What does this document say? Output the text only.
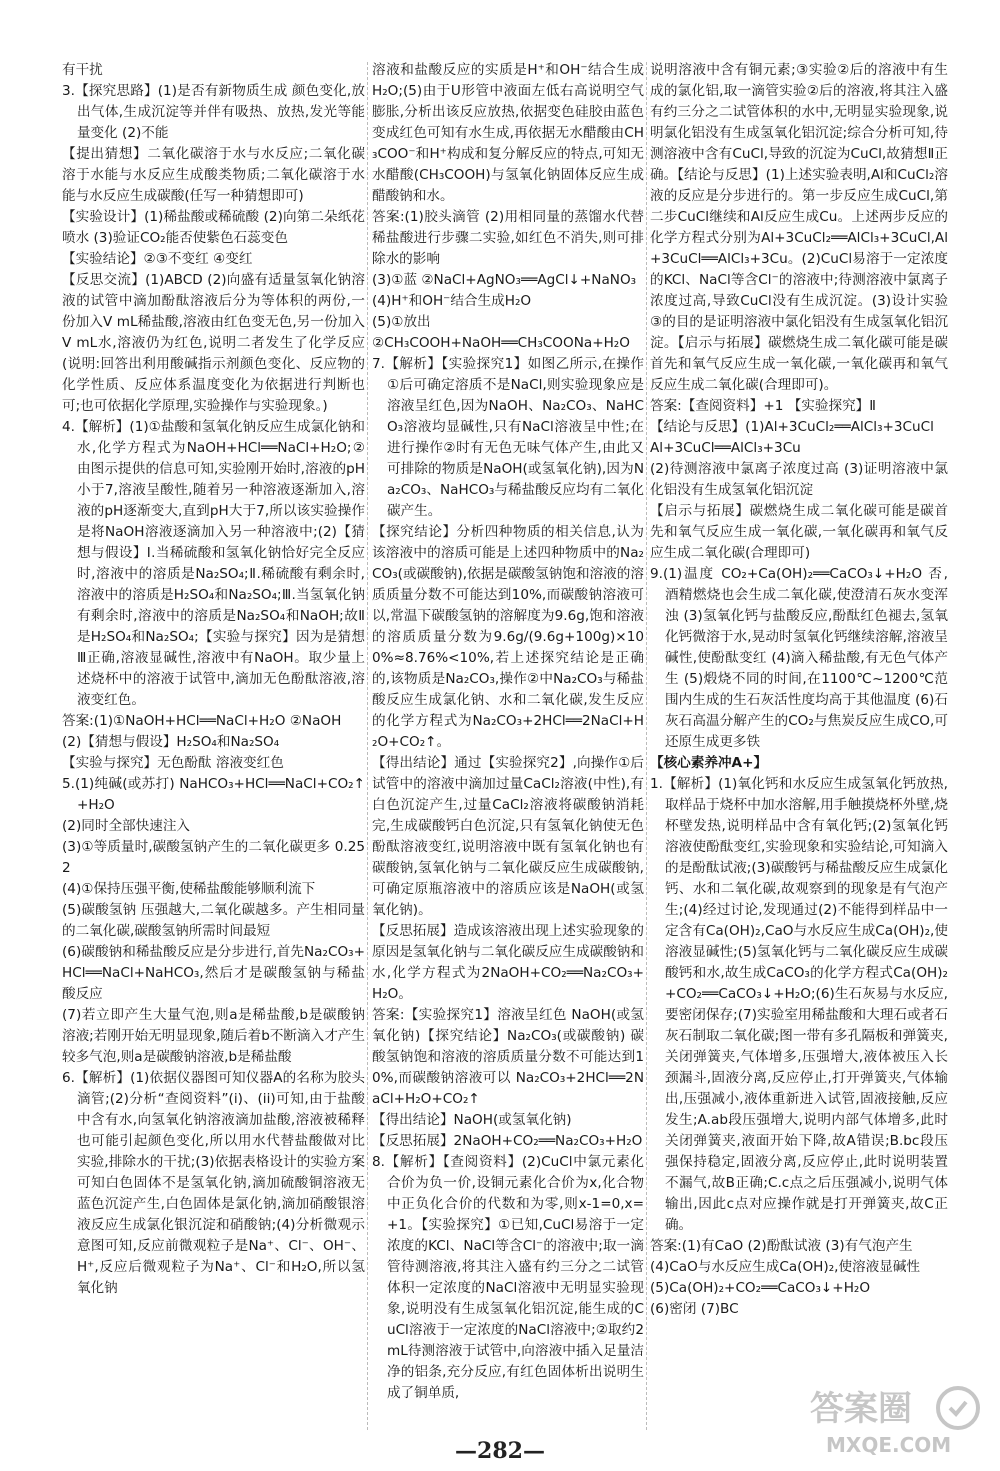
有干扰

3.【探究思路】(1)是否有新物质生成 颜色变化,放出气体,生成沉淀等并伴有吸热、放热,发光等能量变化 (2)不能

【提出猜想】二氧化碳溶于水与水反应;二氧化碳溶于水能与水反应生成酸类物质;二氧化碳溶于水能与水反应生成碳酸(任写一种猜想即可)

【实验设计】(1)稀盐酸或稀硫酸 (2)向第二朵纸花喷水 (3)验证CO₂能否使紫色石蕊变色

【实验结论】②③不变红 ④变红

【反思交流】(1)ABCD (2)向盛有适量氢氧化钠溶液的试管中滴加酚酞溶液后分为等体积的两份,一份加入V mL稀盐酸,溶液由红色变无色,另一份加入V mL水,溶液仍为红色,说明二者发生了化学反应(说明:回答出利用酸碱指示剂颜色变化、反应物的化学性质、反应体系温度变化为依据进行判断也可;也可依据化学原理,实验操作与实验现象。)

4.【解析】(1)①盐酸和氢氧化钠反应生成氯化钠和水,化学方程式为NaOH+HCl══NaCl+H₂O;②由图示提供的信息可知,实验刚开始时,溶液的pH小于7,溶液呈酸性,随着另一种溶液逐渐加入,溶液的pH逐渐变大,直到pH大于7,所以该实验操作是将NaOH溶液逐滴加入另一种溶液中;(2)【猜想与假设】Ⅰ.当稀硫酸和氢氧化钠恰好完全反应时,溶液中的溶质是Na₂SO₄;Ⅱ.稀硫酸有剩余时,溶液中的溶质是H₂SO₄和Na₂SO₄;Ⅲ.当氢氧化钠有剩余时,溶液中的溶质是Na₂SO₄和NaOH;故Ⅱ是H₂SO₄和Na₂SO₄;【实验与探究】因为是猜想Ⅲ正确,溶液显碱性,溶液中有NaOH。取少量上述烧杯中的溶液于试管中,滴加无色酚酞溶液,溶液变红色。

答案:(1)①NaOH+HCl══NaCl+H₂O ②NaOH

(2)【猜想与假设】H₂SO₄和Na₂SO₄

【实验与探究】无色酚酞 溶液变红色

5.(1)纯碱(或苏打) NaHCO₃+HCl══NaCl+CO₂↑+H₂O

(2)同时全部快速注入

(3)①等质量时,碳酸氢钠产生的二氧化碳更多 0.252

(4)①保持压强平衡,使稀盐酸能够顺利流下

(5)碳酸氢钠 压强越大,二氧化碳越多。产生相同量的二氧化碳,碳酸氢钠所需时间最短

(6)碳酸钠和稀盐酸反应是分步进行,首先Na₂CO₃+HCl══NaCl+NaHCO₃,然后才是碳酸氢钠与稀盐酸反应

(7)若立即产生大量气泡,则a是稀盐酸,b是碳酸钠溶液;若刚开始无明显现象,随后着b不断滴入才产生较多气泡,则a是碳酸钠溶液,b是稀盐酸

6.【解析】(1)依据仪器图可知仪器A的名称为胶头滴管;(2)分析“查阅资料”(i)、(ii)可知,由于盐酸中含有水,向氢氧化钠溶液滴加盐酸,溶液被稀释也可能引起颜色变化,所以用水代替盐酸做对比实验,排除水的干扰;(3)依据表格设计的实验方案可知白色固体不是氢氧化钠,滴加硫酸铜溶液无蓝色沉淀产生,白色固体是氯化钠,滴加硝酸银溶液反应生成氯化银沉淀和硝酸钠;(4)分析微观示意图可知,反应前微观粒子是Na⁺、Cl⁻、OH⁻、H⁺,反应后微观粒子为Na⁺、Cl⁻和H₂O,所以氢氧化钠

溶液和盐酸反应的实质是H⁺和OH⁻结合生成H₂O;(5)由于U形管中液面左低右高说明空气膨胀,分析出该反应放热,依据变色硅胶由蓝色变成红色可知有水生成,再依据无水醋酸由CH₃COO⁻和H⁺构成和复分解反应的特点,可知无水醋酸(CH₃COOH)与氢氧化钠固体反应生成醋酸钠和水。

答案:(1)胶头滴管 (2)用相同量的蒸馏水代替稀盐酸进行步骤二实验,如红色不消失,则可排除水的影响

(3)①蓝 ②NaCl+AgNO₃══AgCl↓+NaNO₃

(4)H⁺和OH⁻结合生成H₂O

(5)①放出

②CH₃COOH+NaOH══CH₃COONa+H₂O

7.【解析】【实验探究1】如图乙所示,在操作①后可确定溶质不是NaCl,则实验现象应是溶液呈红色,因为NaOH、Na₂CO₃、NaHCO₃溶液均显碱性,只有NaCl溶液呈中性;在进行操作②时有无色无味气体产生,由此又可排除的物质是NaOH(或氢氧化钠),因为Na₂CO₃、NaHCO₃与稀盐酸反应均有二氧化碳产生。

【探究结论】分析四种物质的相关信息,认为该溶液中的溶质可能是上述四种物质中的Na₂CO₃(或碳酸钠),依据是碳酸氢钠饱和溶液的溶质质量分数不可能达到10%,而碳酸钠溶液可以,常温下碳酸氢钠的溶解度为9.6g,饱和溶液的溶质质量分数为9.6g/(9.6g+100g)×100%≈8.76%<10%,若上述探究结论是正确的,该物质是Na₂CO₃,操作②中Na₂CO₃与稀盐酸反应生成氯化钠、水和二氧化碳,发生反应的化学方程式为Na₂CO₃+2HCl══2NaCl+H₂O+CO₂↑。

【得出结论】通过【实验探究2】,向操作①后试管中的溶液中滴加过量CaCl₂溶液(中性),有白色沉淀产生,过量CaCl₂溶液将碳酸钠消耗完,生成碳酸钙白色沉淀,只有氢氧化钠使无色酚酞溶液变红,说明溶液中既有氢氧化钠也有碳酸钠,氢氧化钠与二氧化碳反应生成碳酸钠,可确定原瓶溶液中的溶质应该是NaOH(或氢氧化钠)。

【反思拓展】造成该溶液出现上述实验现象的原因是氢氧化钠与二氧化碳反应生成碳酸钠和水,化学方程式为2NaOH+CO₂══Na₂CO₃+H₂O。

答案:【实验探究1】溶液呈红色 NaOH(或氢氧化钠)【探究结论】Na₂CO₃(或碳酸钠) 碳酸氢钠饱和溶液的溶质质量分数不可能达到10%,而碳酸钠溶液可以 Na₂CO₃+2HCl══2NaCl+H₂O+CO₂↑

【得出结论】NaOH(或氢氧化钠)

【反思拓展】2NaOH+CO₂══Na₂CO₃+H₂O

8.【解析】【查阅资料】(2)CuCl中氯元素化合价为负一价,设铜元素化合价为x,化合物中正负化合价的代数和为零,则x-1=0,x=+1。【实验探究】①已知,CuCl易溶于一定浓度的KCl、NaCl等含Cl⁻的溶液中;取一滴管待测溶液,将其注入盛有约三分之二试管体积一定浓度的NaCl溶液中无明显实验现象,说明没有生成氢氧化铝沉淀,能生成的CuCl溶液于一定浓度的NaCl溶液中;②取约2mL待测溶液于试管中,向溶液中插入足量洁净的铝条,充分反应,有红色固体析出说明生成了铜单质,

说明溶液中含有铜元素;③实验②后的溶液中有生成的氯化铝,取一滴管实验②后的溶液,将其注入盛有约三分之二试管体积的水中,无明显实验现象,说明氯化铝没有生成氢氧化铝沉淀;综合分析可知,待测溶液中含有CuCl,导致的沉淀为CuCl,故猜想Ⅱ正确。【结论与反思】(1)上述实验表明,Al和CuCl₂溶液的反应是分步进行的。第一步反应生成CuCl,第二步CuCl继续和Al反应生成Cu。上述两步反应的化学方程式分别为Al+3CuCl₂══AlCl₃+3CuCl,Al+3CuCl══AlCl₃+3Cu。(2)CuCl易溶于一定浓度的KCl、NaCl等含Cl⁻的溶液中;待测溶液中氯离子浓度过高,导致CuCl没有生成沉淀。(3)设计实验③的目的是证明溶液中氯化铝没有生成氢氧化铝沉淀。【启示与拓展】碳燃烧生成二氧化碳可能是碳首先和氧气反应生成一氧化碳,一氧化碳再和氧气反应生成二氧化碳(合理即可)。

答案:【查阅资料】+1 【实验探究】Ⅱ

【结论与反思】(1)Al+3CuCl₂══AlCl₃+3CuCl

Al+3CuCl══AlCl₃+3Cu

(2)待测溶液中氯离子浓度过高 (3)证明溶液中氯化铝没有生成氢氧化铝沉淀

【启示与拓展】碳燃烧生成二氧化碳可能是碳首先和氧气反应生成一氧化碳,一氧化碳再和氧气反应生成二氧化碳(合理即可)

9.(1)温度 CO₂+Ca(OH)₂══CaCO₃↓+H₂O 否,酒精燃烧也会生成二氧化碳,使澄清石灰水变浑浊 (3)氢氧化钙与盐酸反应,酚酞红色褪去,氢氧化钙微溶于水,晃动时氢氧化钙继续溶解,溶液呈碱性,使酚酞变红 (4)滴入稀盐酸,有无色气体产生 (5)煅烧不同的时间,在1100℃~1200℃范围内生成的生石灰活性度均高于其他温度 (6)石灰石高温分解产生的CO₂与焦炭反应生成CO,可还原生成更多铁

【核心素养冲A+】

1.【解析】(1)氧化钙和水反应生成氢氧化钙放热,取样品于烧杯中加水溶解,用手触摸烧杯外壁,烧杯壁发热,说明样品中含有氧化钙;(2)氢氧化钙溶液使酚酞变红,实验现象和实验结论,可知滴入的是酚酞试液;(3)碳酸钙与稀盐酸反应生成氯化钙、水和二氧化碳,故观察到的现象是有气泡产生;(4)经过讨论,发现通过(2)不能得到样品中一定含有Ca(OH)₂,CaO与水反应生成Ca(OH)₂,使溶液显碱性;(5)氢氧化钙与二氧化碳反应生成碳酸钙和水,故生成CaCO₃的化学方程式Ca(OH)₂+CO₂══CaCO₃↓+H₂O;(6)生石灰易与水反应,要密闭保存;(7)实验室用稀盐酸和大理石或者石灰石制取二氧化碳;图一带有多孔隔板和弹簧夹,关闭弹簧夹,气体增多,压强增大,液体被压入长颈漏斗,固液分离,反应停止,打开弹簧夹,气体输出,压强减小,液体重新进入试管,固液接触,反应发生;A.ab段压强增大,说明内部气体增多,此时关闭弹簧夹,液面开始下降,故A错误;B.bc段压强保持稳定,固液分离,反应停止,此时说明装置不漏气,故B正确;C.c点之后压强减小,说明气体输出,因此c点对应操作就是打开弹簧夹,故C正确。

答案:(1)有CaO (2)酚酞试液 (3)有气泡产生

(4)CaO与水反应生成Ca(OH)₂,使溶液显碱性

(5)Ca(OH)₂+CO₂══CaCO₃↓+H₂O

(6)密闭 (7)BC

—282—
答案圈
MXQE.COM
